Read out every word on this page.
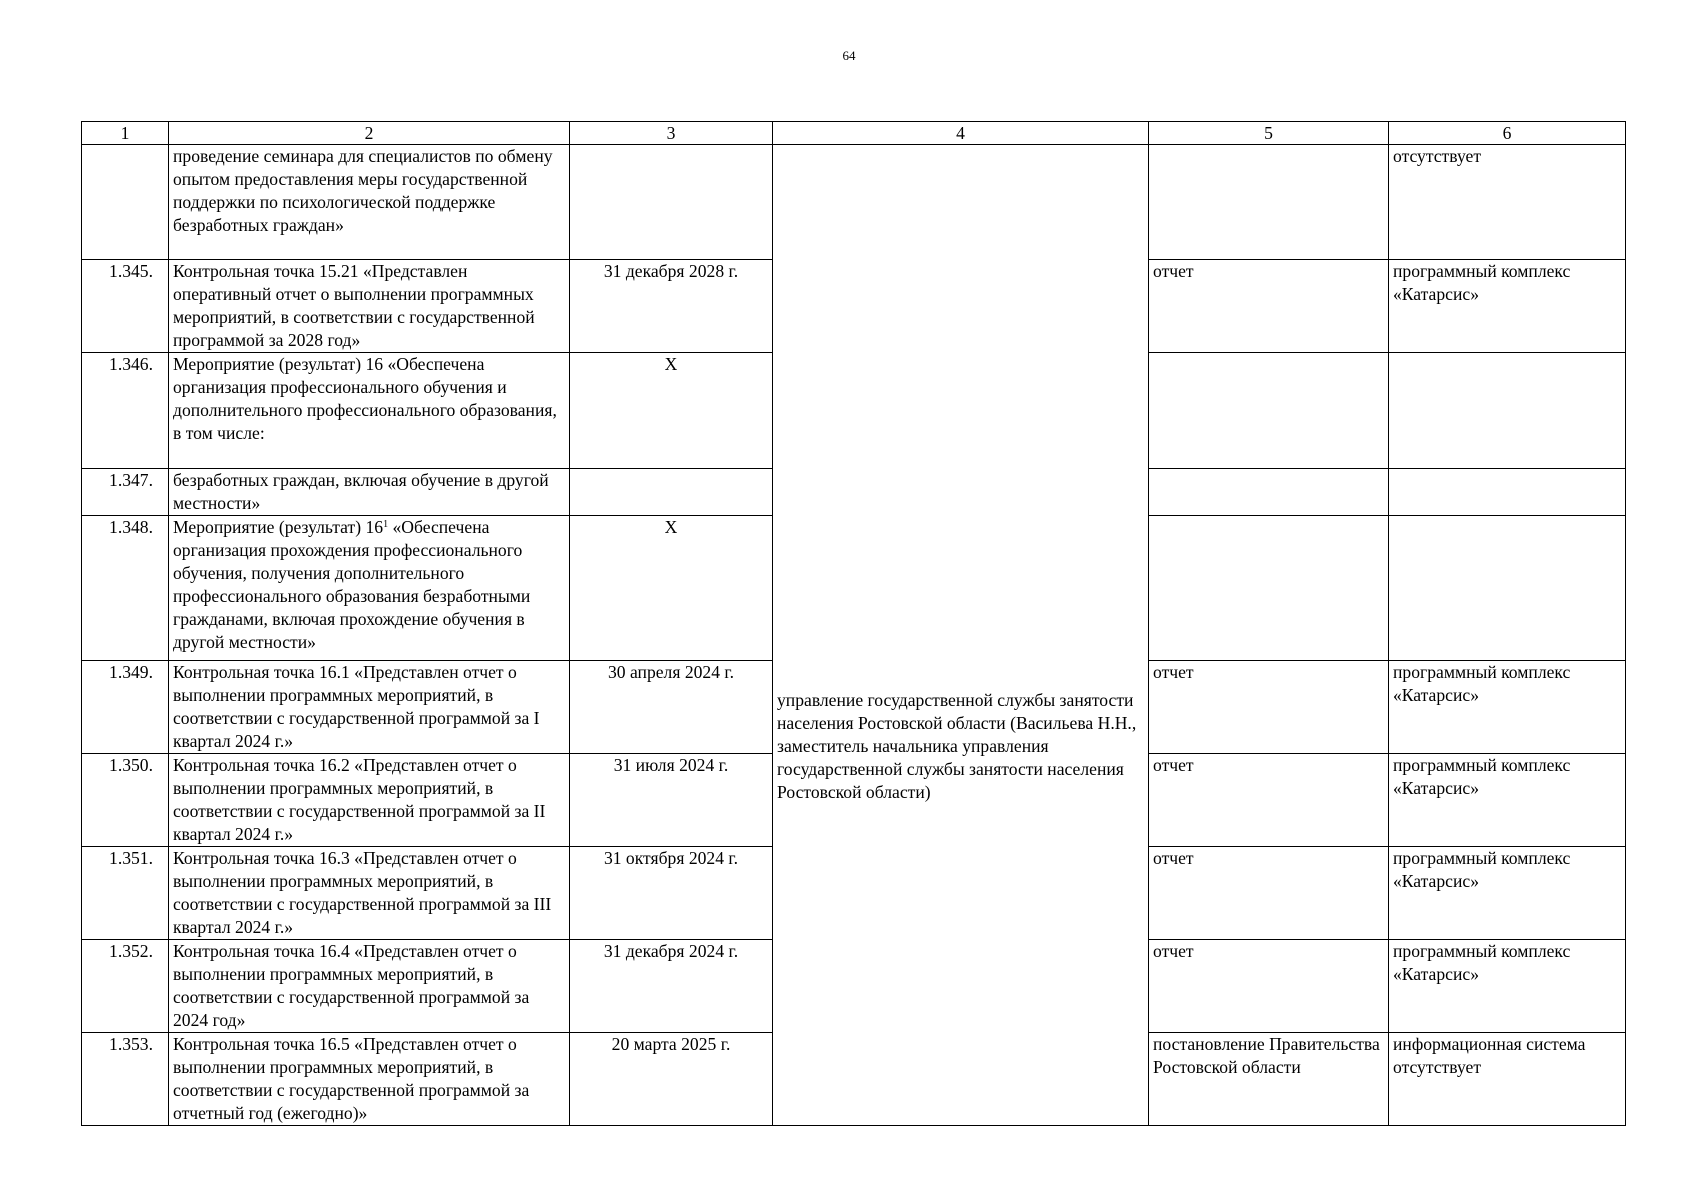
64
1	2	3	4	5	6
	проведение семинара для специалистов по обмену опытом предоставления меры государственной поддержки по психологической поддержке безработных граждан»		управление государственной службы занятости населения Ростовской области (Васильева Н.Н., заместитель начальника управления государственной службы занятости населения Ростовской области)		отсутствует
1.345.	Контрольная точка 15.21 «Представлен оперативный отчет о выполнении программных мероприятий, в соответствии с государственной программой за 2028 год»	31 декабря 2028 г.		отчет	программный комплекс «Катарсис»
1.346.	Мероприятие (результат) 16 «Обеспечена организация профессионального обучения и дополнительного профессионального образования, в том числе:	Х			
1.347.	безработных граждан, включая обучение в другой местности»				
1.348.	Мероприятие (результат) $16^1$ «Обеспечена организация прохождения профессионального обучения, получения дополнительного профессионального образования безработными гражданами, включая прохождение обучения в другой местности»	Х			
1.349.	Контрольная точка 16.1 «Представлен отчет о выполнении программных мероприятий, в соответствии с государственной программой за I квартал 2024 г.»	30 апреля 2024 г.		отчет	программный комплекс «Катарсис»
1.350.	Контрольная точка 16.2 «Представлен отчет о выполнении программных мероприятий, в соответствии с государственной программой за II квартал 2024 г.»	31 июля 2024 г.		отчет	программный комплекс «Катарсис»
1.351.	Контрольная точка 16.3 «Представлен отчет о выполнении программных мероприятий, в соответствии с государственной программой за III квартал 2024 г.»	31 октября 2024 г.		отчет	программный комплекс «Катарсис»
1.352.	Контрольная точка 16.4 «Представлен отчет о выполнении программных мероприятий, в соответствии с государственной программой за 2024 год»	31 декабря 2024 г.		отчет	программный комплекс «Катарсис»
1.353.	Контрольная точка 16.5 «Представлен отчет о выполнении программных мероприятий, в соответствии с государственной программой за отчетный год (ежегодно)»	20 марта 2025 г.		постановление Правительства Ростовской области	информационная система отсутствует
